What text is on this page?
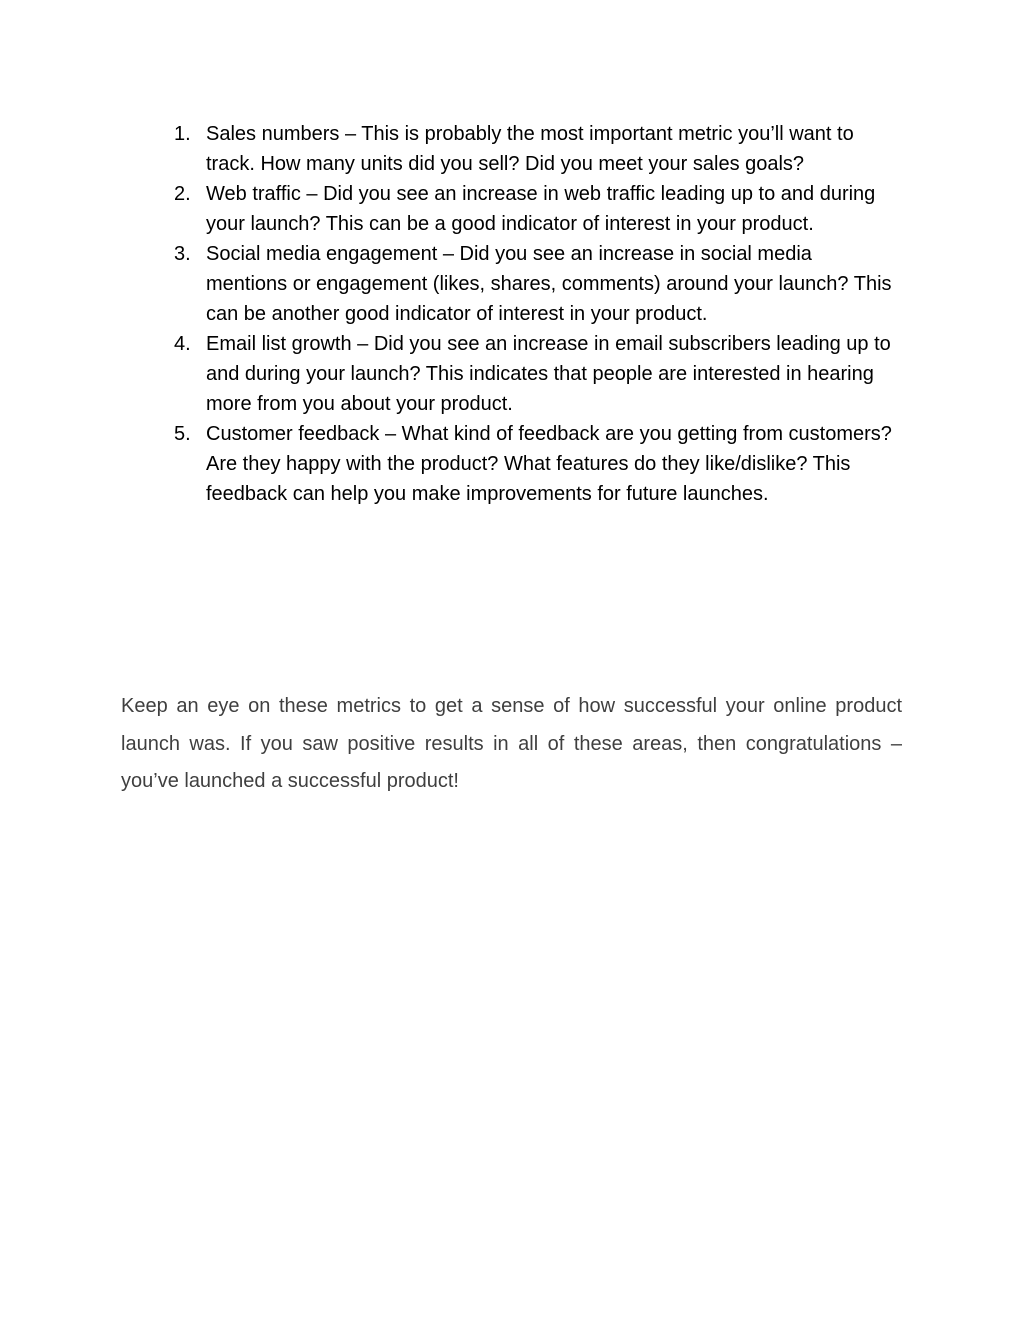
1. Sales numbers – This is probably the most important metric you’ll want to track. How many units did you sell? Did you meet your sales goals?
2. Web traffic – Did you see an increase in web traffic leading up to and during your launch? This can be a good indicator of interest in your product.
3. Social media engagement – Did you see an increase in social media mentions or engagement (likes, shares, comments) around your launch? This can be another good indicator of interest in your product.
4. Email list growth – Did you see an increase in email subscribers leading up to and during your launch? This indicates that people are interested in hearing more from you about your product.
5. Customer feedback – What kind of feedback are you getting from customers? Are they happy with the product? What features do they like/dislike? This feedback can help you make improvements for future launches.

Keep an eye on these metrics to get a sense of how successful your online product launch was. If you saw positive results in all of these areas, then congratulations – you’ve launched a successful product!
